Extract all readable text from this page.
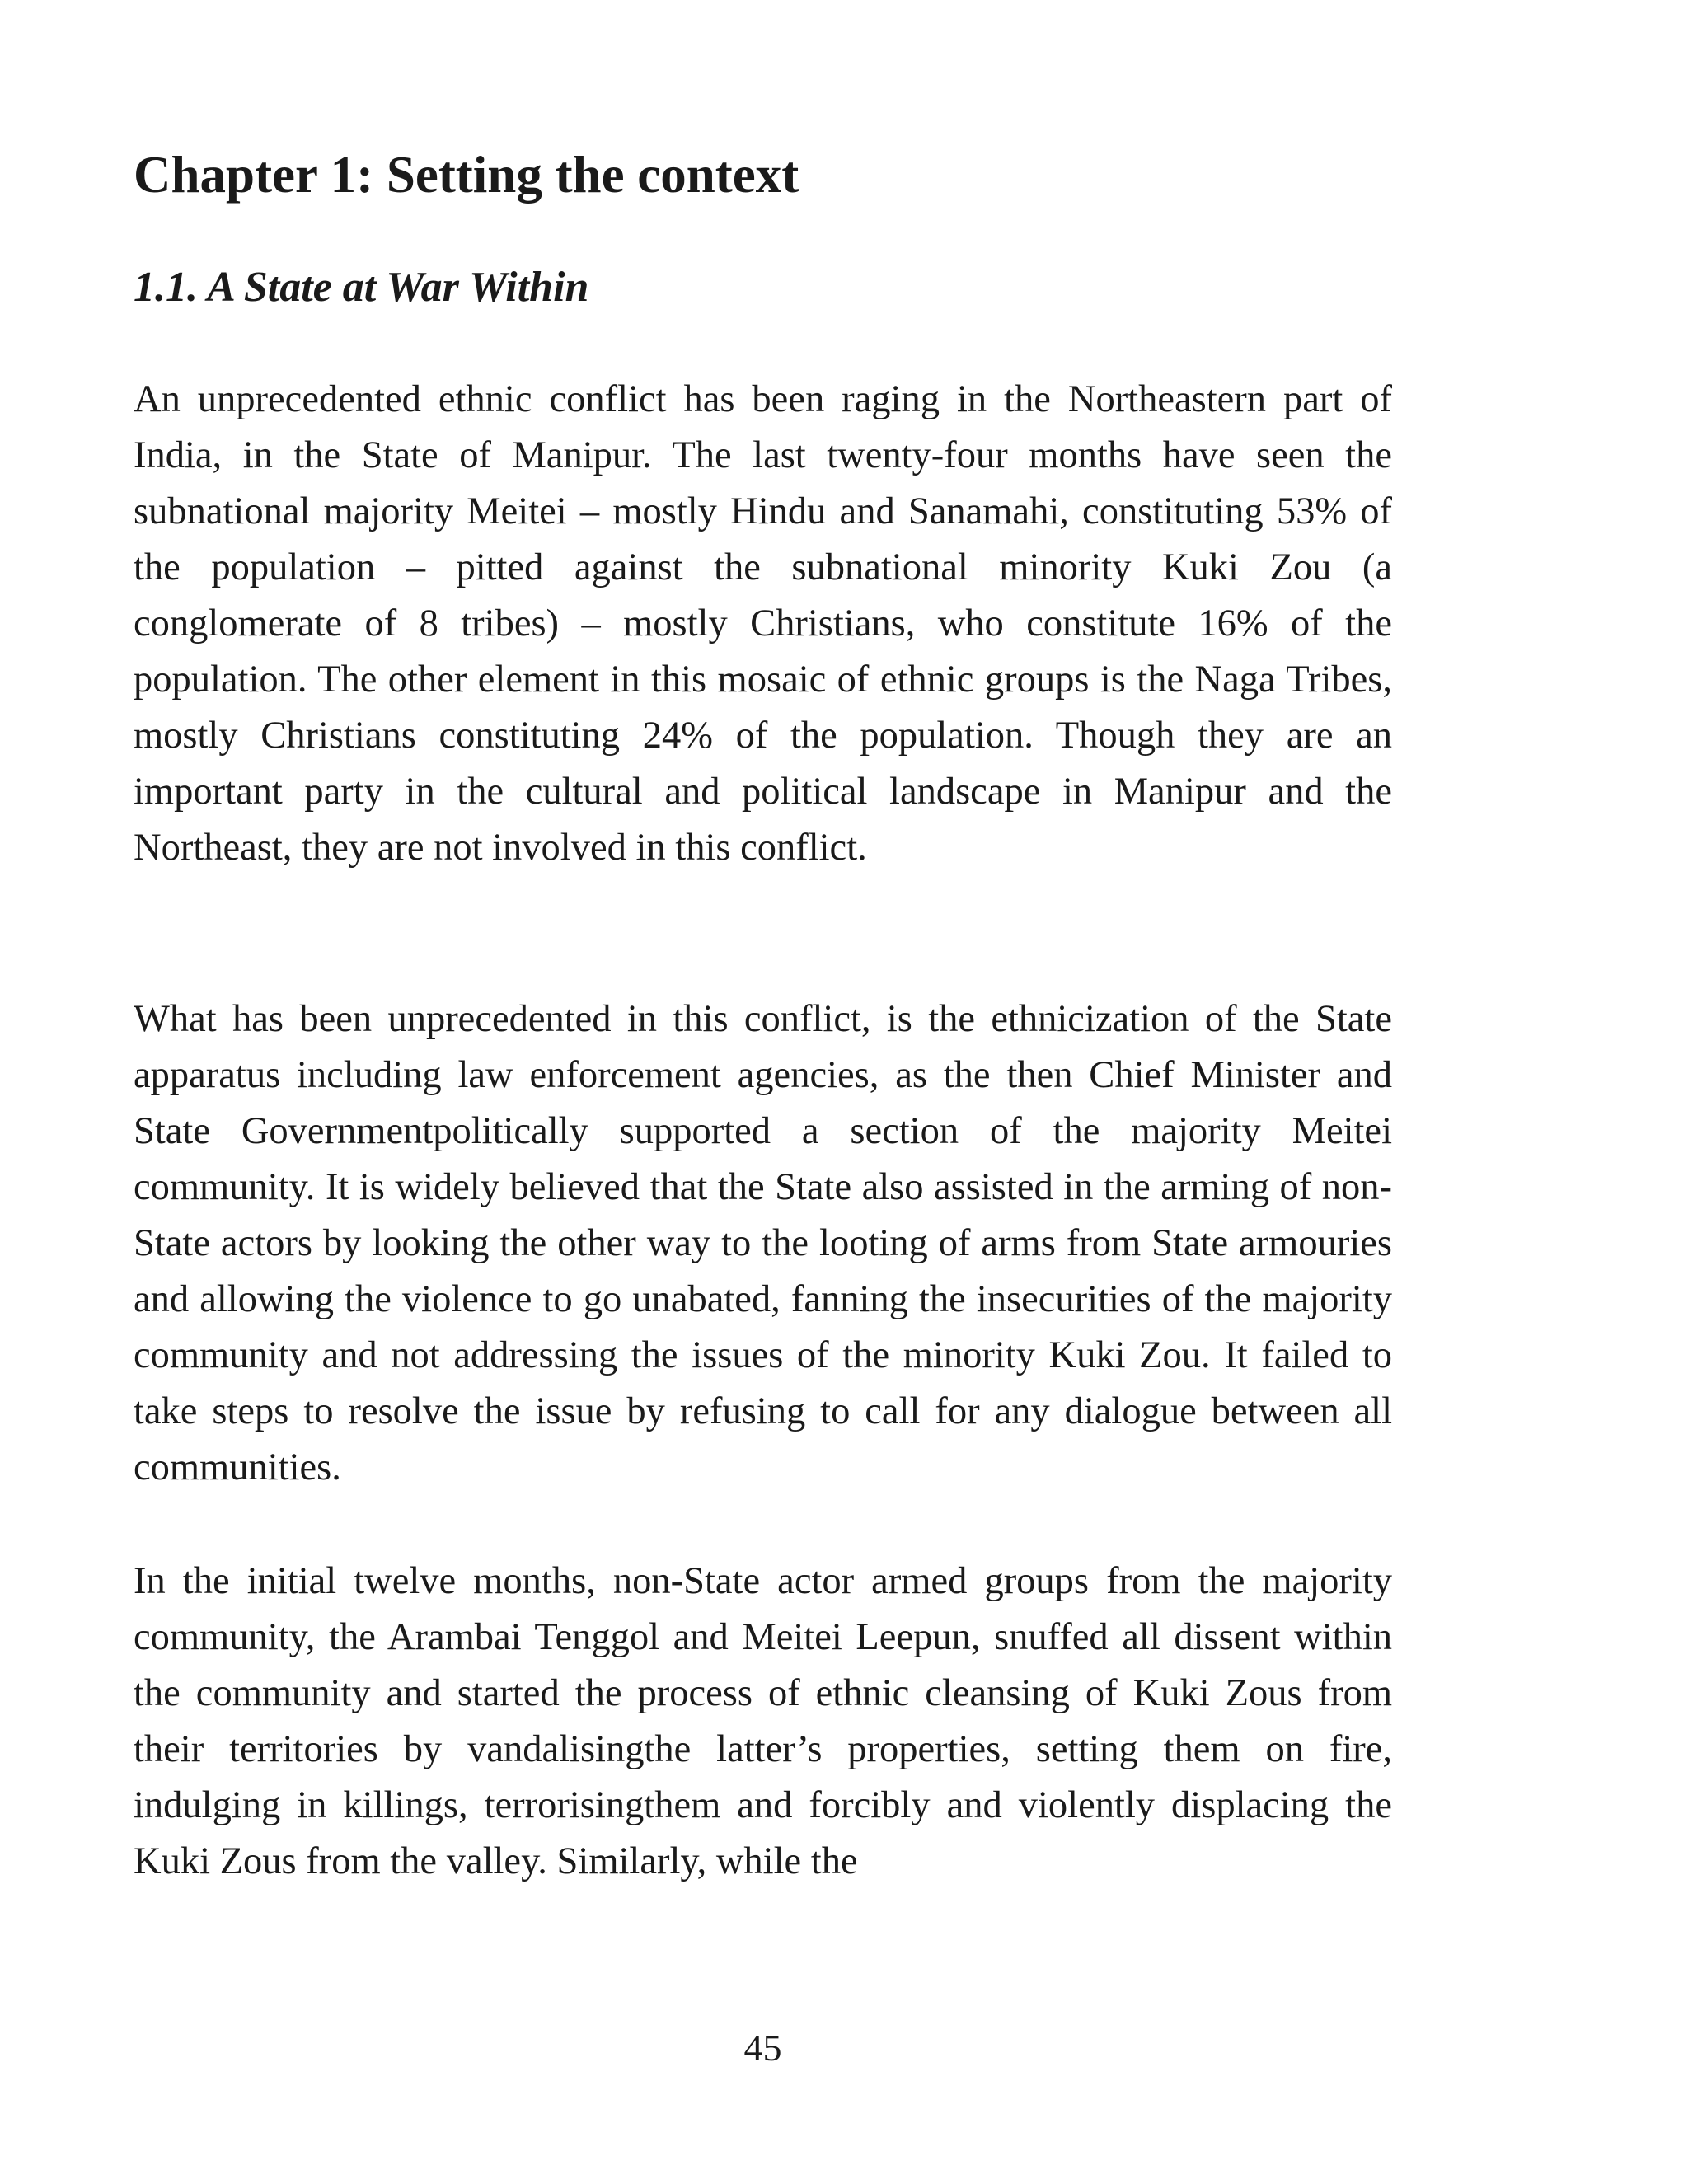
Chapter 1: Setting the context
1.1. A State at War Within

An unprecedented ethnic conflict has been raging in the Northeastern part of India, in the State of Manipur. The last twenty-four months have seen the subnational majority Meitei – mostly Hindu and Sanamahi, constituting 53% of the population – pitted against the subnational minority Kuki Zou (a conglomerate of 8 tribes) – mostly Christians, who constitute 16% of the population. The other element in this mosaic of ethnic groups is the Naga Tribes, mostly Christians constituting 24% of the population. Though they are an important party in the cultural and political landscape in Manipur and the Northeast, they are not involved in this conflict.

What has been unprecedented in this conflict, is the ethnicization of the State apparatus including law enforcement agencies, as the then Chief Minister and State Governmentpolitically supported a section of the majority Meitei community. It is widely believed that the State also assisted in the arming of non-State actors by looking the other way to the looting of arms from State armouries and allowing the violence to go unabated, fanning the insecurities of the majority community and not addressing the issues of the minority Kuki Zou. It failed to take steps to resolve the issue by refusing to call for any dialogue between all communities.

In the initial twelve months, non-State actor armed groups from the majority community, the Arambai Tenggol and Meitei Leepun, snuffed all dissent within the community and started the process of ethnic cleansing of Kuki Zous from their territories by vandalisingthe latter’s properties, setting them on fire, indulging in killings, terrorisingthem and forcibly and violently displacing the Kuki Zous from the valley. Similarly, while the

45
